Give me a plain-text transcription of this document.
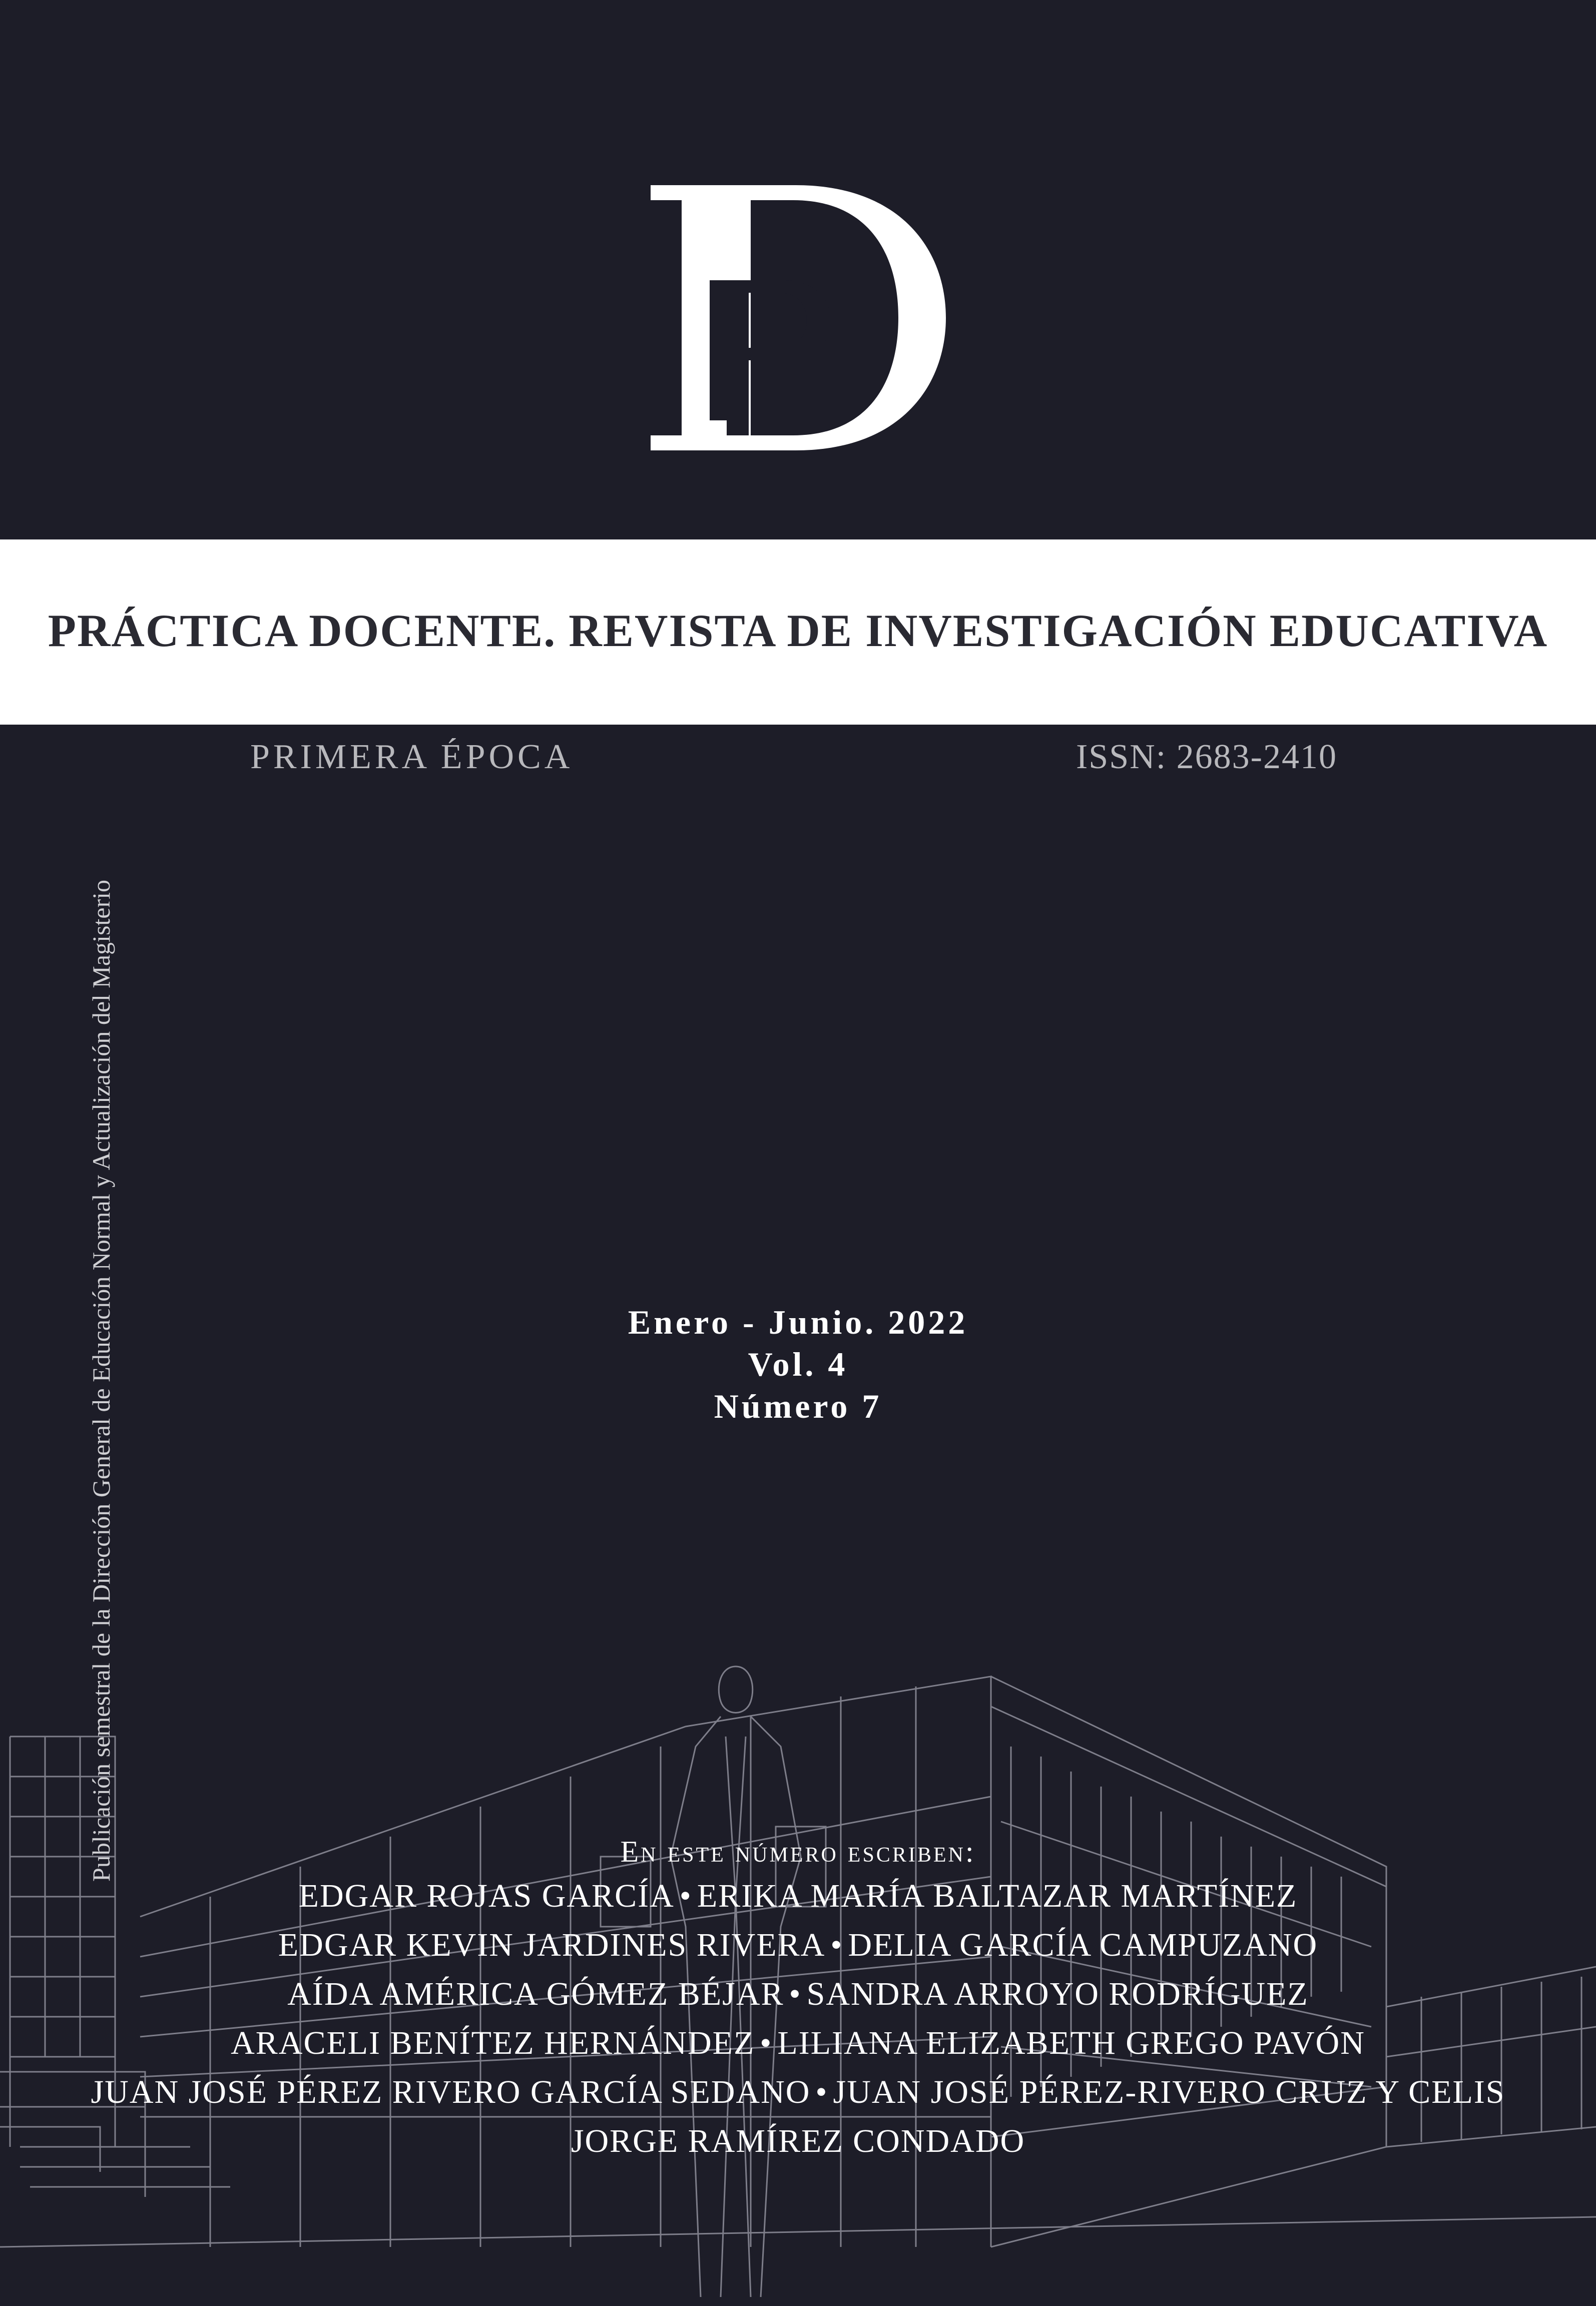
PRÁCTICA DOCENTE. REVISTA DE INVESTIGACIÓN EDUCATIVA
PRIMERA ÉPOCA	ISSN: 2683-2410
Publicación semestral de la Dirección General de Educación Normal y Actualización del Magisterio	Enero - Junio. 2022
Vol. 4
Número 7
En este número escriben:
EDGAR ROJAS GARCÍA • ERIKA MARÍA BALTAZAR MARTÍNEZ
EDGAR KEVIN JARDINES RIVERA • DELIA GARCÍA CAMPUZANO
AÍDA AMÉRICA GÓMEZ BÉJAR • SANDRA ARROYO RODRÍGUEZ
ARACELI BENÍTEZ HERNÁNDEZ • LILIANA ELIZABETH GREGO PAVÓN
JUAN JOSÉ PÉREZ RIVERO GARCÍA SEDANO • JUAN JOSÉ PÉREZ-RIVERO CRUZ Y CELIS
JORGE RAMÍREZ CONDADO
